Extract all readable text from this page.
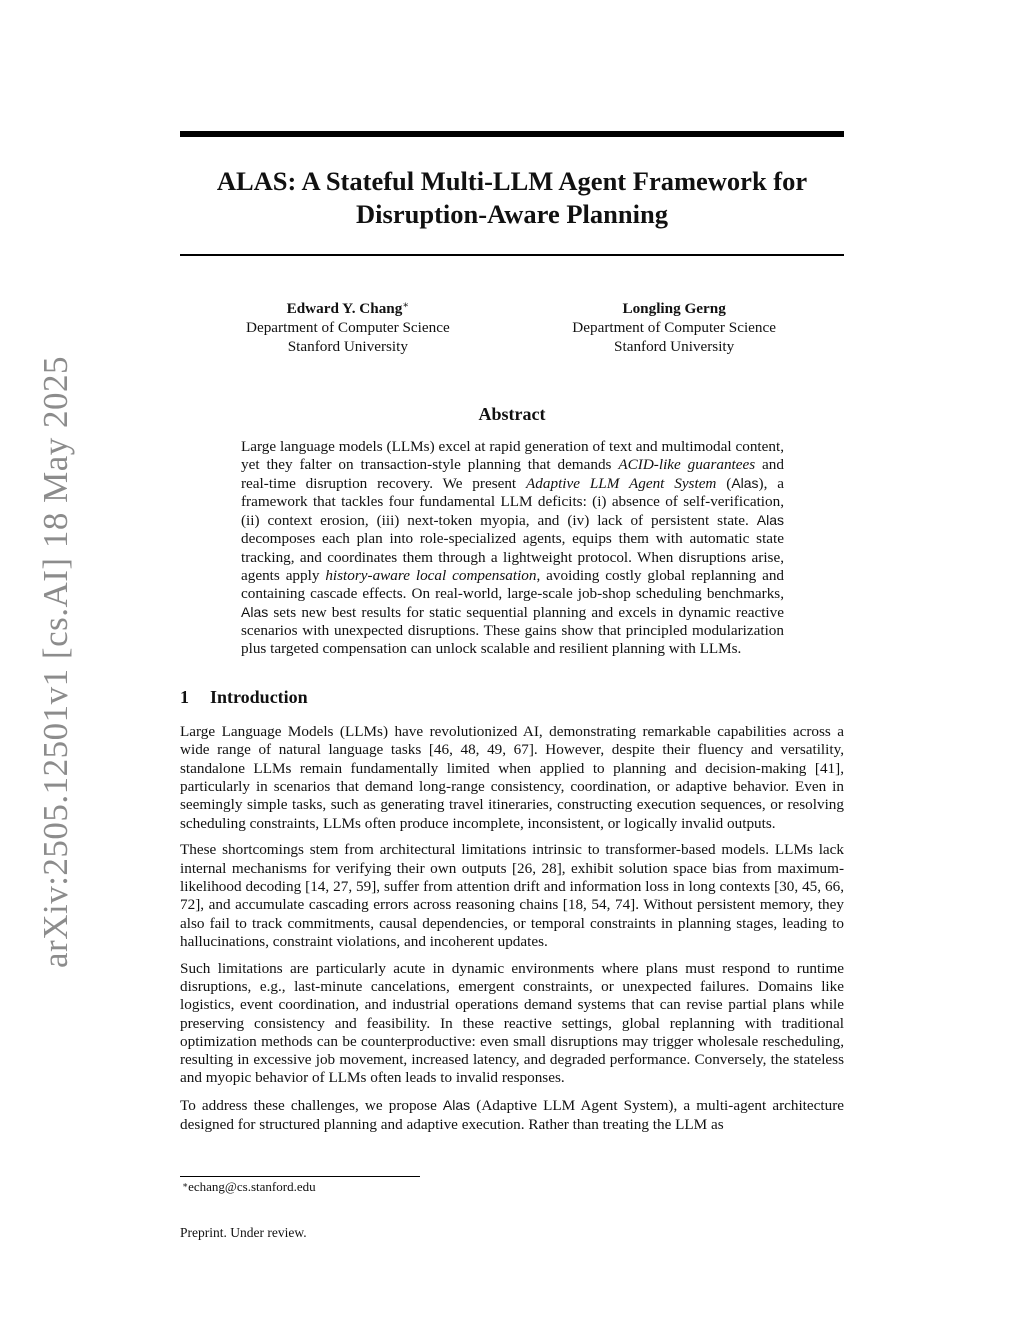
arXiv:2505.12501v1 [cs.AI] 18 May 2025
ALAS: A Stateful Multi-LLM Agent Framework for
Disruption-Aware Planning
Edward Y. Chang∗
Department of Computer Science
Stanford University
Longling Gerng
Department of Computer Science
Stanford University
Abstract

Large language models (LLMs) excel at rapid generation of text and multimodal content, yet they falter on transaction-style planning that demands ACID-like guarantees and real-time disruption recovery. We present Adaptive LLM Agent System (Alas), a framework that tackles four fundamental LLM deficits: (i) absence of self-verification, (ii) context erosion, (iii) next-token myopia, and (iv) lack of persistent state. Alas decomposes each plan into role-specialized agents, equips them with automatic state tracking, and coordinates them through a lightweight protocol. When disruptions arise, agents apply history-aware local compensation, avoiding costly global replanning and containing cascade effects. On real-world, large-scale job-shop scheduling benchmarks, Alas sets new best results for static sequential planning and excels in dynamic reactive scenarios with unexpected disruptions. These gains show that principled modularization plus targeted compensation can unlock scalable and resilient planning with LLMs.

1 Introduction

Large Language Models (LLMs) have revolutionized AI, demonstrating remarkable capabilities across a wide range of natural language tasks [46, 48, 49, 67]. However, despite their fluency and versatility, standalone LLMs remain fundamentally limited when applied to planning and decision-making [41], particularly in scenarios that demand long-range consistency, coordination, or adaptive behavior. Even in seemingly simple tasks, such as generating travel itineraries, constructing execution sequences, or resolving scheduling constraints, LLMs often produce incomplete, inconsistent, or logically invalid outputs.

These shortcomings stem from architectural limitations intrinsic to transformer-based models. LLMs lack internal mechanisms for verifying their own outputs [26, 28], exhibit solution space bias from maximum-likelihood decoding [14, 27, 59], suffer from attention drift and information loss in long contexts [30, 45, 66, 72], and accumulate cascading errors across reasoning chains [18, 54, 74]. Without persistent memory, they also fail to track commitments, causal dependencies, or temporal constraints in planning stages, leading to hallucinations, constraint violations, and incoherent updates.

Such limitations are particularly acute in dynamic environments where plans must respond to runtime disruptions, e.g., last-minute cancelations, emergent constraints, or unexpected failures. Domains like logistics, event coordination, and industrial operations demand systems that can revise partial plans while preserving consistency and feasibility. In these reactive settings, global replanning with traditional optimization methods can be counterproductive: even small disruptions may trigger wholesale rescheduling, resulting in excessive job movement, increased latency, and degraded performance. Conversely, the stateless and myopic behavior of LLMs often leads to invalid responses.

To address these challenges, we propose Alas (Adaptive LLM Agent System), a multi-agent architecture designed for structured planning and adaptive execution. Rather than treating the LLM as

∗echang@cs.stanford.edu
Preprint. Under review.
